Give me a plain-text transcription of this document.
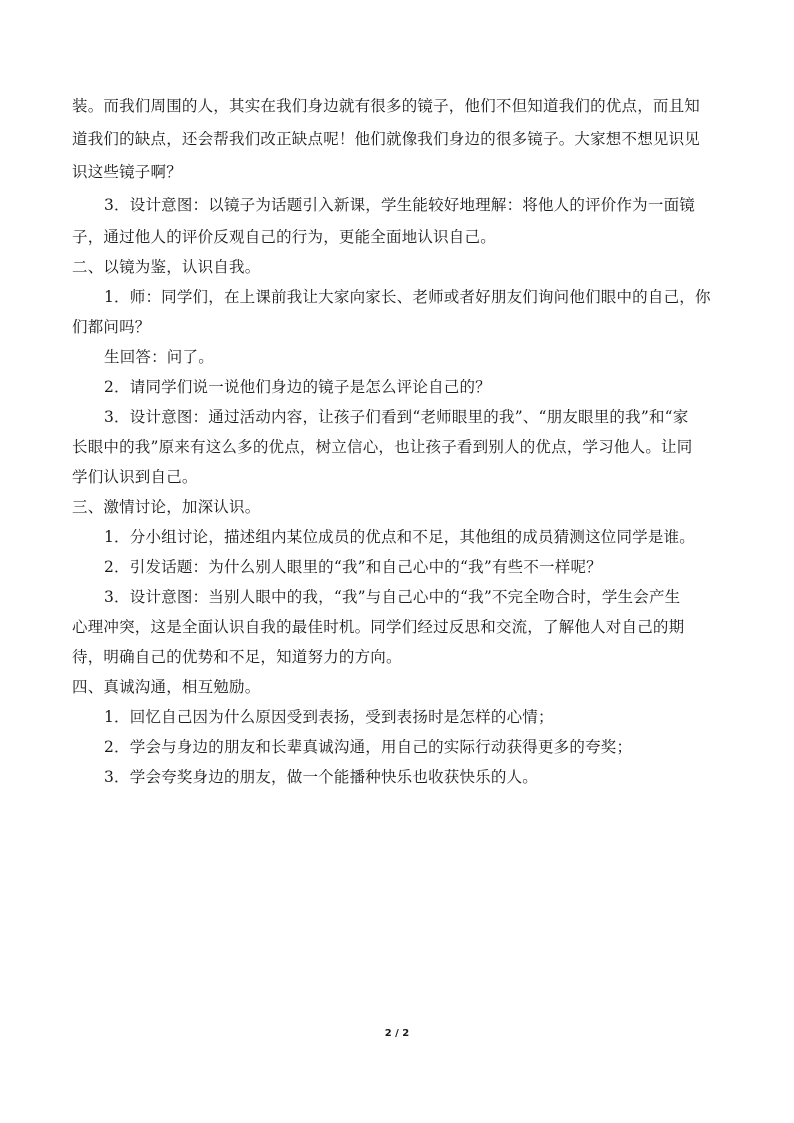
装。而我们周围的人，其实在我们身边就有很多的镜子，他们不但知道我们的优点，而且知
道我们的缺点，还会帮我们改正缺点呢！他们就像我们身边的很多镜子。大家想不想见识见
识这些镜子啊？
3．设计意图：以镜子为话题引入新课，学生能较好地理解：将他人的评价作为一面镜
子，通过他人的评价反观自己的行为，更能全面地认识自己。
二、以镜为鉴，认识自我。
1．师：同学们，在上课前我让大家向家长、老师或者好朋友们询问他们眼中的自己，你
们都问吗？
生回答：问了。
2．请同学们说一说他们身边的镜子是怎么评论自己的？
3．设计意图：通过活动内容，让孩子们看到“老师眼里的我”、“朋友眼里的我”和“家
长眼中的我”原来有这么多的优点，树立信心，也让孩子看到别人的优点，学习他人。让同
学们认识到自己。
三、激情讨论，加深认识。
1．分小组讨论，描述组内某位成员的优点和不足，其他组的成员猜测这位同学是谁。
2．引发话题：为什么别人眼里的“我”和自己心中的“我”有些不一样呢？
3．设计意图：当别人眼中的我，“我”与自己心中的“我”不完全吻合时，学生会产生
心理冲突，这是全面认识自我的最佳时机。同学们经过反思和交流，了解他人对自己的期
待，明确自己的优势和不足，知道努力的方向。
四、真诚沟通，相互勉励。
1．回忆自己因为什么原因受到表扬，受到表扬时是怎样的心情；
2．学会与身边的朋友和长辈真诚沟通，用自己的实际行动获得更多的夸奖；
3．学会夸奖身边的朋友，做一个能播种快乐也收获快乐的人。
2 / 2
